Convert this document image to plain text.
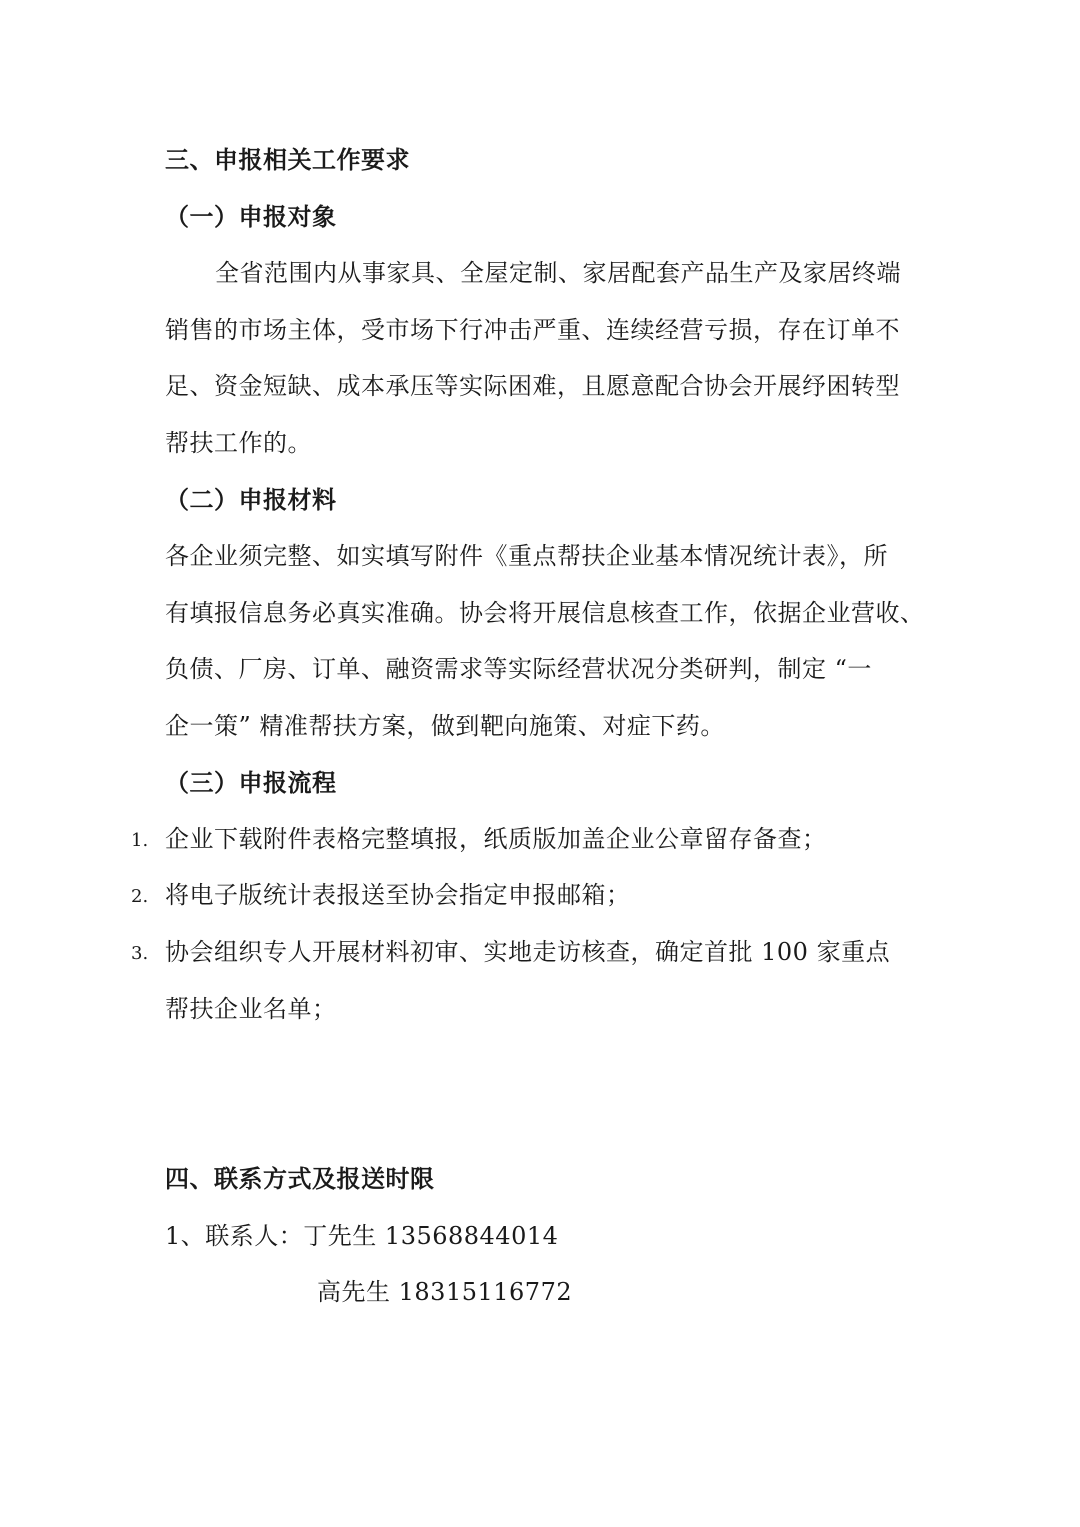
三、申报相关工作要求
（一）申报对象
全省范围内从事家具、全屋定制、家居配套产品生产及家居终端
销售的市场主体，受市场下行冲击严重、连续经营亏损，存在订单不
足、资金短缺、成本承压等实际困难，且愿意配合协会开展纾困转型
帮扶工作的。
（二）申报材料
各企业须完整、如实填写附件《重点帮扶企业基本情况统计表》，所
有填报信息务必真实准确。协会将开展信息核查工作，依据企业营收、
负债、厂房、订单、融资需求等实际经营状况分类研判，制定 “一
企一策” 精准帮扶方案，做到靶向施策、对症下药。
（三）申报流程
1. 企业下载附件表格完整填报，纸质版加盖企业公章留存备查；
2. 将电子版统计表报送至协会指定申报邮箱；
3. 协会组织专人开展材料初审、实地走访核查，确定首批 100 家重点
帮扶企业名单；
四、联系方式及报送时限
1、联系人：丁先生 13568844014
高先生 18315116772
